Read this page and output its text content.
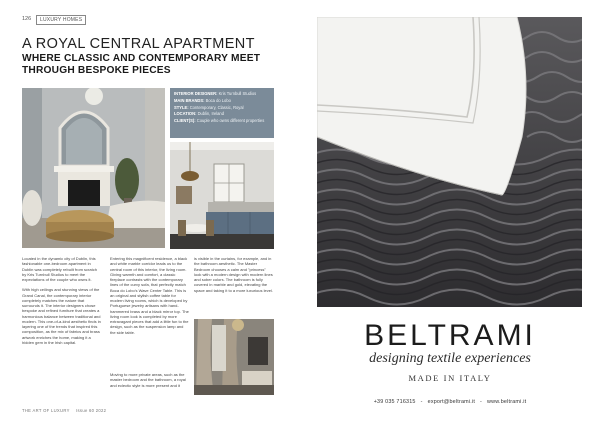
126	LUXURY HOMES
A ROYAL CENTRAL APARTMENT
WHERE CLASSIC AND CONTEMPORARY MEET THROUGH BESPOKE PIECES
INTERIOR DESIGNER: Kris Turnbull Studios
MAIN BRANDS: Boca do Lobo
STYLE: Contemporary, Classic, Royal
LOCATION: Dublin, Ireland
CLIENT(S): Couple who owns different properties

Located in the dynamic city of Dublin, this fashionable one-bedroom apartment in Dublin was completely rebuilt from scratch by Kris Turnbull Studios to meet the expectations of the couple who owns it.

With high ceilings and stunning views of the Grand Canal, the contemporary interior completely matches the nature that surrounds it. The interior designers chose bespoke and refined furniture that creates a harmonious balance between traditional and modern. This one-of-a-kind aesthetic finds in layering one of the trends that inspired this composition, as the mix of fabrics and brass artwork enriches the home, making it a hidden gem in the Irish capital.

Entering this magnificent residence, a black and white marble corridor leads us to the central room of this interior, the living room. Giving warmth and comfort, a classic fireplace contrasts with the contemporary lines of the curvy sofa, that perfectly match Boca do Lobo's Wave Center Table. This is an original and stylish coffee table for modern living rooms, which is developed by Portuguese jewelry artisans with hand-hammered brass and a black mirror top. The living room look is completed by more extravagant pieces that add a little fun to the design, such as the suspension lamp and the side table.

Moving to more private areas, such as the master bedroom and the bathroom, a royal and eclectic style is more present and it

is visible in the curtains, for example, and in the bathroom aesthetic. The Master Bedroom chooses a calm and "princess" look with a modern design with modern lines and sober colors. The bathroom is fully covered in marble and gold, elevating the space and taking it to a more luxurious level.

THE ART OF LUXURY Issue 60 2022
BELTRAMI
designing textile experiences
MADE IN ITALY
+39 035 716315 - export@beltrami.it - www.beltrami.it
